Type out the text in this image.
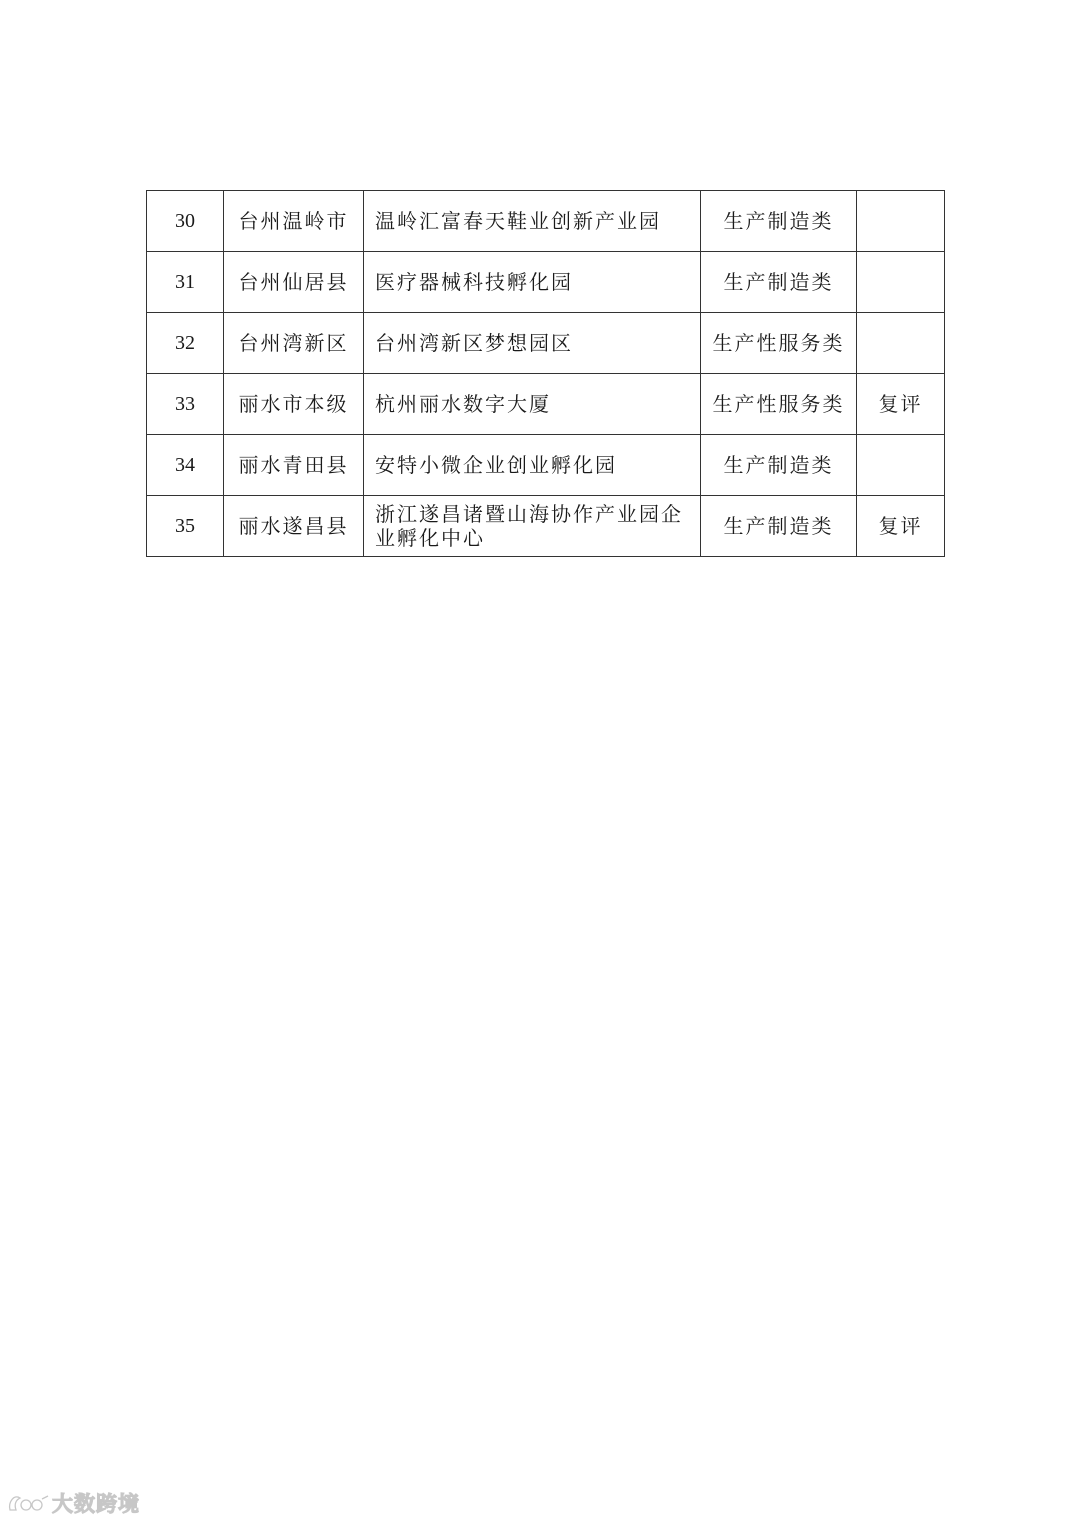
30	台州温岭市	温岭汇富春天鞋业创新产业园	生产制造类	
31	台州仙居县	医疗器械科技孵化园	生产制造类	
32	台州湾新区	台州湾新区梦想园区	生产性服务类	
33	丽水市本级	杭州丽水数字大厦	生产性服务类	复评
34	丽水青田县	安特小微企业创业孵化园	生产制造类	
35	丽水遂昌县	浙江遂昌诸暨山海协作产业园企业孵化中心	生产制造类	复评
大数跨境
